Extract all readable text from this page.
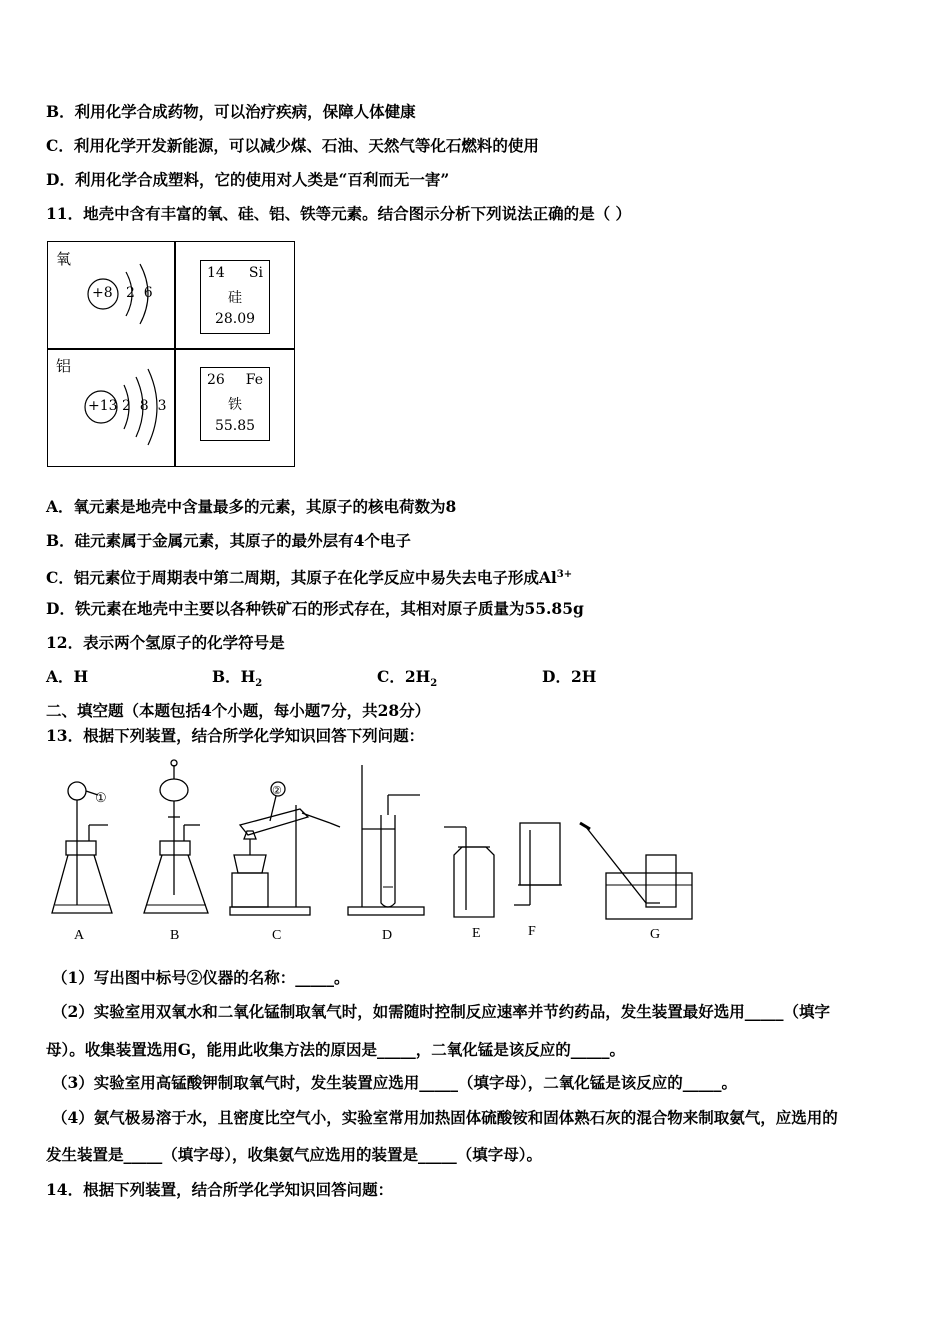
B．利用化学合成药物，可以治疗疾病，保障人体健康
C．利用化学开发新能源，可以减少煤、石油、天然气等化石燃料的使用
D．利用化学合成塑料，它的使用对人类是“百利而无一害”
11．地壳中含有丰富的氧、硅、铝、铁等元素。结合图示分析下列说法正确的是（ ）
氧
+8 2  6
14 Si
硅
28.09
铝
+13 2  8  3
26 Fe
铁
55.85
A．氧元素是地壳中含量最多的元素，其原子的核电荷数为8
B．硅元素属于金属元素，其原子的最外层有4个电子
C．铝元素位于周期表中第二周期，其原子在化学反应中易失去电子形成$Al^{3+}$
D．铁元素在地壳中主要以各种铁矿石的形式存在，其相对原子质量为55.85g
12．表示两个氢原子的化学符号是
A．H	B．$H_2$	C．$2H_2$	D．2H
二、填空题（本题包括4个小题，每小题7分，共28分）
13．根据下列装置，结合所学化学知识回答下列问题：
A	B	C	D	E	F	G
①	②
（1）写出图中标号②仪器的名称：_____。
（2）实验室用双氧水和二氧化锰制取氧气时，如需随时控制反应速率并节约药品，发生装置最好选用_____（填字
母）。收集装置选用G，能用此收集方法的原因是_____，二氧化锰是该反应的_____。
（3）实验室用高锰酸钾制取氧气时，发生装置应选用_____（填字母），二氧化锰是该反应的_____。
（4）氨气极易溶于水，且密度比空气小，实验室常用加热固体硫酸铵和固体熟石灰的混合物来制取氨气，应选用的
发生装置是_____（填字母），收集氨气应选用的装置是_____（填字母）。
14．根据下列装置，结合所学化学知识回答问题：
